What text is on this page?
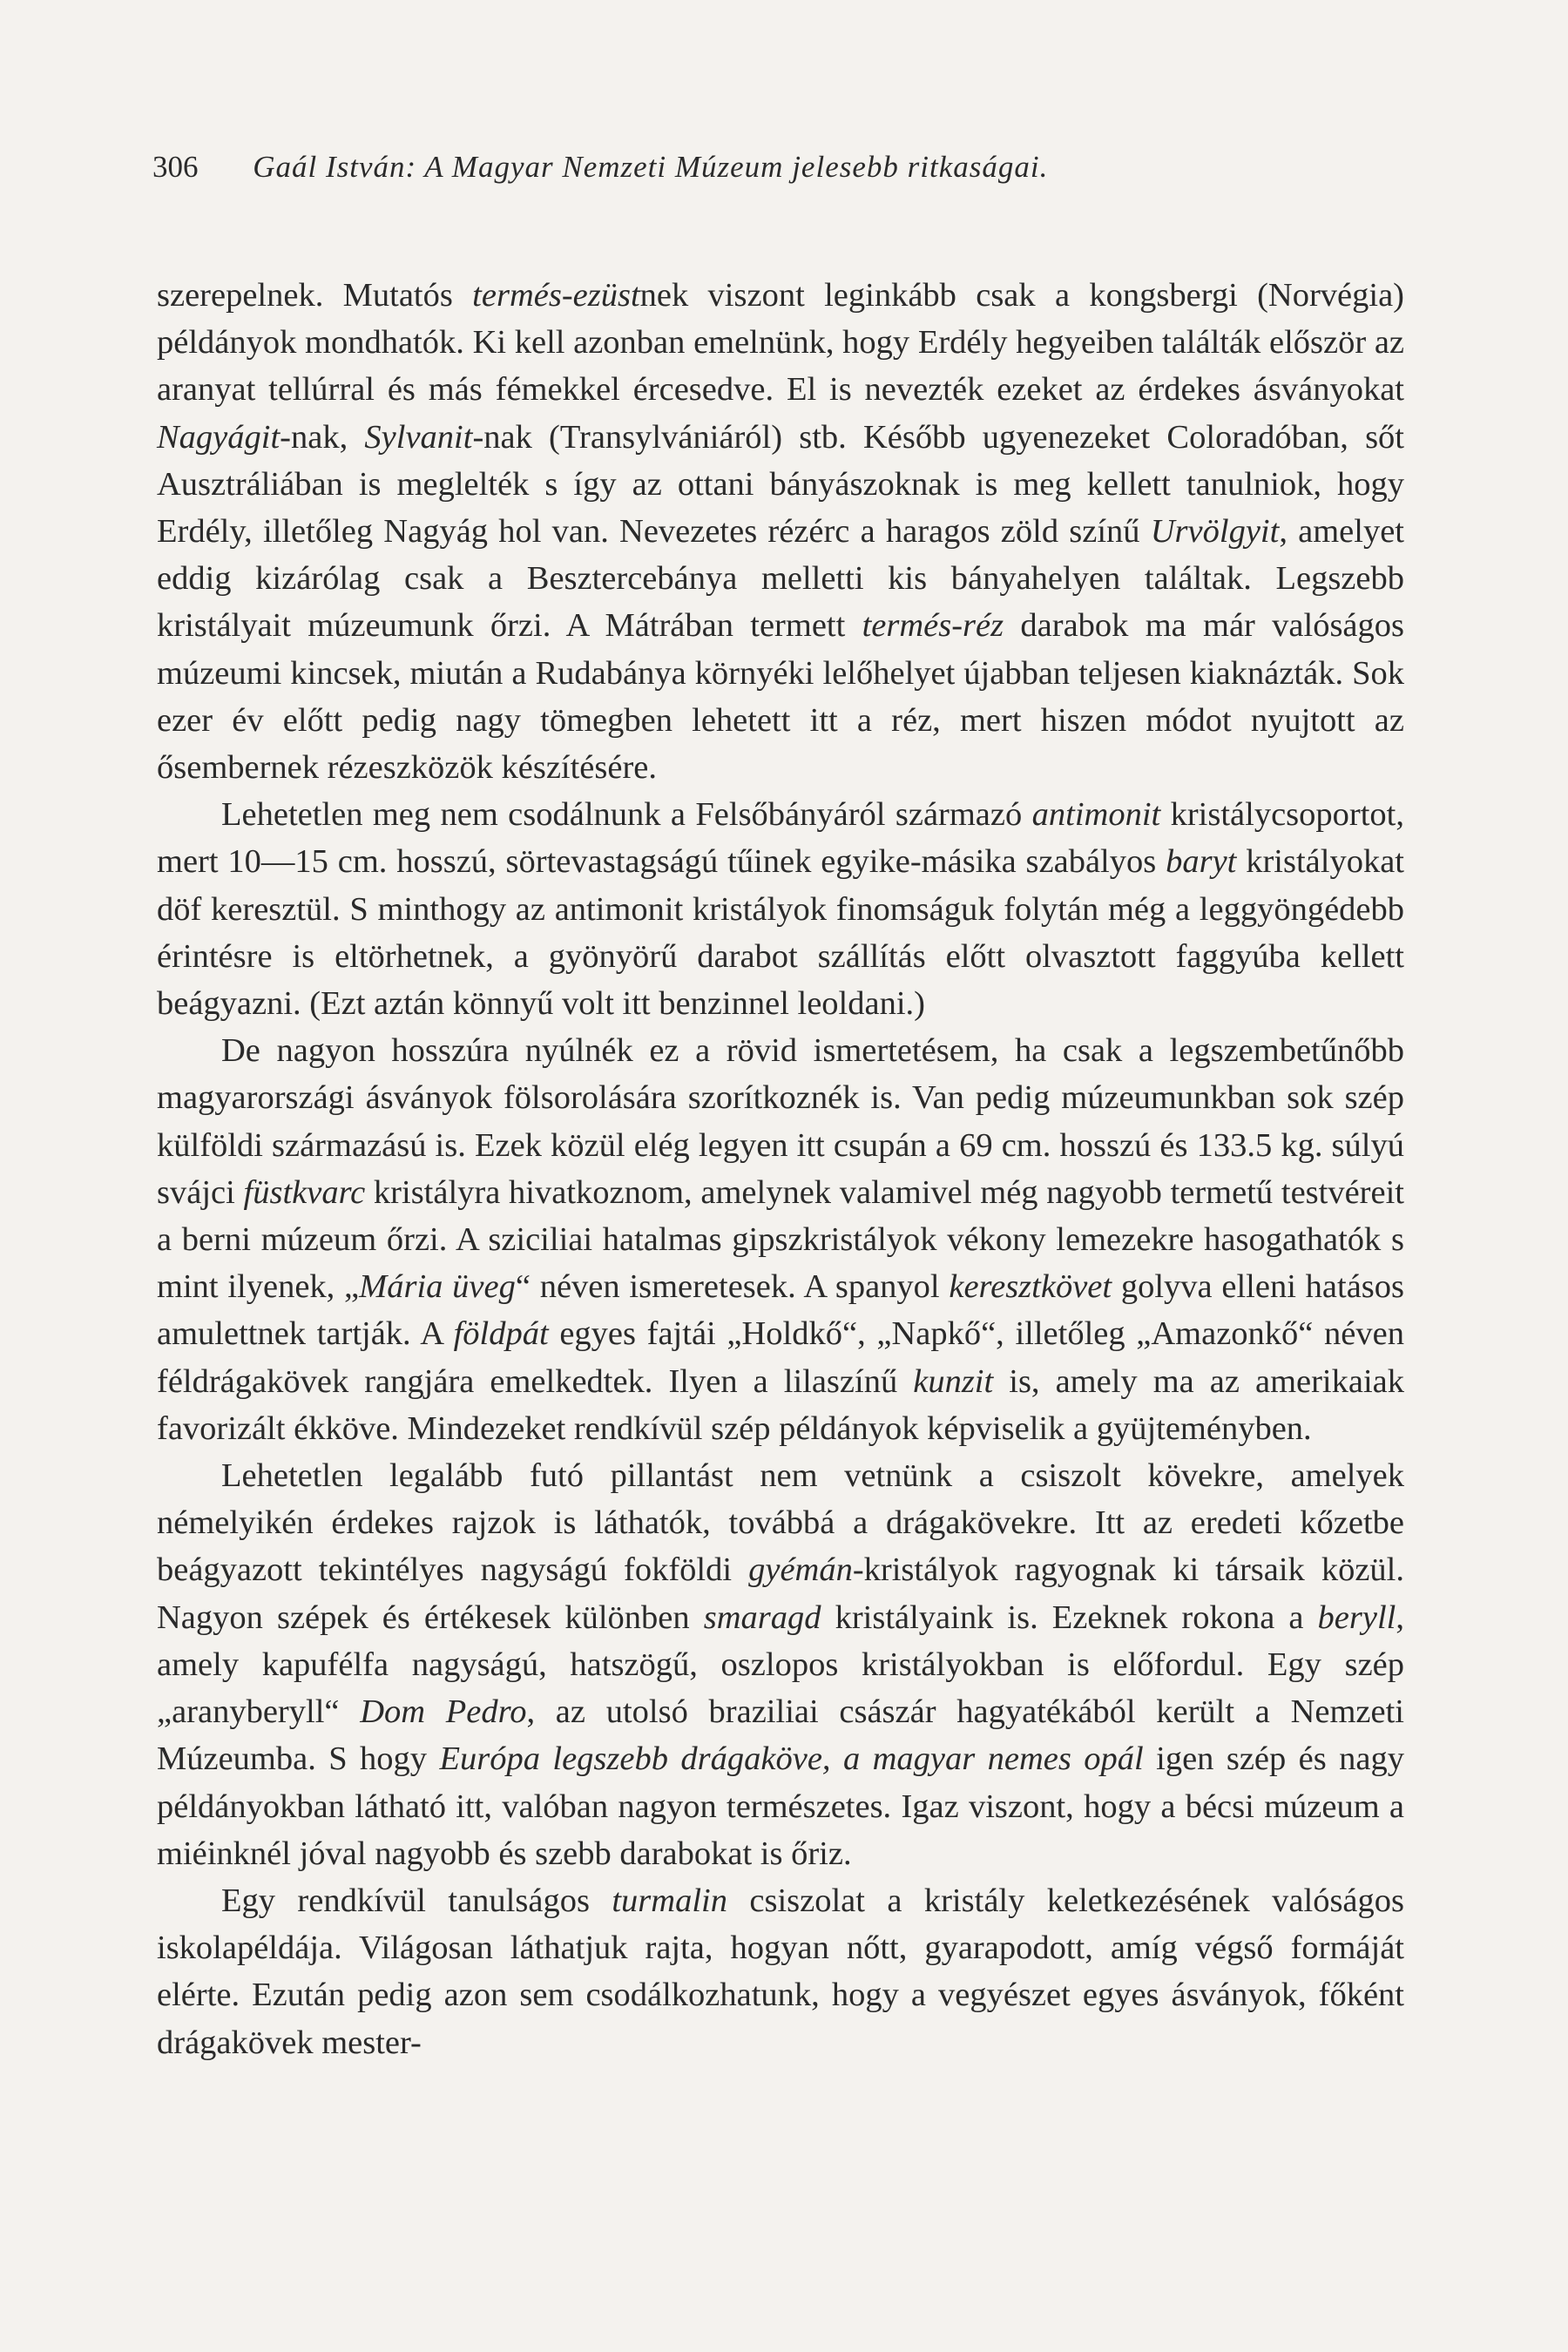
306 Gaál István: A Magyar Nemzeti Múzeum jelesebb ritkaságai.

szerepelnek. Mutatós termés-ezüstnek viszont leginkább csak a kongsbergi (Norvégia) példányok mondhatók. Ki kell azonban emelnünk, hogy Erdély hegyeiben találták először az aranyat tellúrral és más fémekkel ércesedve. El is nevezték ezeket az érdekes ásványokat Nagyágit-nak, Sylvanit-nak (Transylvániáról) stb. Később ugyenezeket Coloradóban, sőt Ausztráliában is meglelték s így az ottani bányászoknak is meg kellett tanulniok, hogy Erdély, illetőleg Nagyág hol van. Nevezetes rézérc a haragos zöld színű Urvölgyit, amelyet eddig kizárólag csak a Besztercebánya melletti kis bányahelyen találtak. Legszebb kristályait múzeumunk őrzi. A Mátrában termett termés-réz darabok ma már valóságos múzeumi kincsek, miután a Rudabánya környéki lelőhelyet újabban teljesen kiaknázták. Sok ezer év előtt pedig nagy tömegben lehetett itt a réz, mert hiszen módot nyujtott az ősembernek rézeszközök készítésére.

Lehetetlen meg nem csodálnunk a Felsőbányáról származó antimonit kristálycsoportot, mert 10—15 cm. hosszú, sörtevastagságú tűinek egyike-másika szabályos baryt kristályokat döf keresztül. S minthogy az antimonit kristályok finomságuk folytán még a leggyöngédebb érintésre is eltörhetnek, a gyönyörű darabot szállítás előtt olvasztott faggyúba kellett beágyazni. (Ezt aztán könnyű volt itt benzinnel leoldani.)

De nagyon hosszúra nyúlnék ez a rövid ismertetésem, ha csak a legszembetűnőbb magyarországi ásványok fölsorolására szorítkoznék is. Van pedig múzeumunkban sok szép külföldi származású is. Ezek közül elég legyen itt csupán a 69 cm. hosszú és 133.5 kg. súlyú svájci füstkvarc kristályra hivatkoznom, amelynek valamivel még nagyobb termetű testvéreit a berni múzeum őrzi. A sziciliai hatalmas gipszkristályok vékony lemezekre hasogathatók s mint ilyenek, „Mária üveg“ néven ismeretesek. A spanyol keresztkövet golyva elleni hatásos amulettnek tartják. A földpát egyes fajtái „Holdkő“, „Napkő“, illetőleg „Amazonkő“ néven féldrágakövek rangjára emelkedtek. Ilyen a lilaszínű kunzit is, amely ma az amerikaiak favorizált ékköve. Mindezeket rendkívül szép példányok képviselik a gyüjteményben.

Lehetetlen legalább futó pillantást nem vetnünk a csiszolt kövekre, amelyek némelyikén érdekes rajzok is láthatók, továbbá a drágakövekre. Itt az eredeti kőzetbe beágyazott tekintélyes nagyságú fokföldi gyémán-kristályok ragyognak ki társaik közül. Nagyon szépek és értékesek különben smaragd kristályaink is. Ezeknek rokona a beryll, amely kapufélfa nagyságú, hatszögű, oszlopos kristályokban is előfordul. Egy szép „aranyberyll“ Dom Pedro, az utolsó braziliai császár hagyatékából került a Nemzeti Múzeumba. S hogy Európa legszebb drágaköve, a magyar nemes opál igen szép és nagy példányokban látható itt, valóban nagyon természetes. Igaz viszont, hogy a bécsi múzeum a miéinknél jóval nagyobb és szebb darabokat is őriz.

Egy rendkívül tanulságos turmalin csiszolat a kristály keletkezésének valóságos iskolapéldája. Világosan láthatjuk rajta, hogyan nőtt, gyarapodott, amíg végső formáját elérte. Ezután pedig azon sem csodálkozhatunk, hogy a vegyészet egyes ásványok, főként drágakövek mester-
